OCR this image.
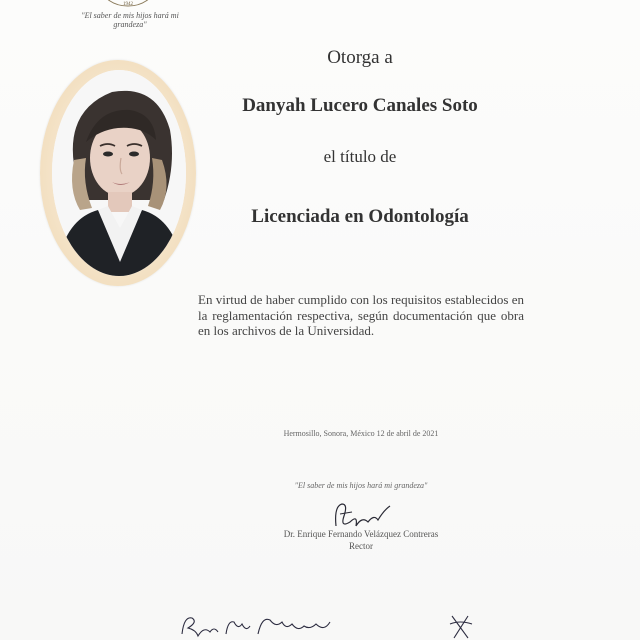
1942
"El saber de mis hijos hará mi grandeza"
Otorga a
Danyah Lucero Canales Soto
el título de
Licenciada en Odontología
En virtud de haber cumplido con los requisitos establecidos en la reglamentación respectiva, según documentación que obra en los archivos de la Universidad.
Hermosillo, Sonora, México 12 de abril de 2021
"El saber de mis hijos hará mi grandeza"
Dr. Enrique Fernando Velázquez Contreras
Rector
